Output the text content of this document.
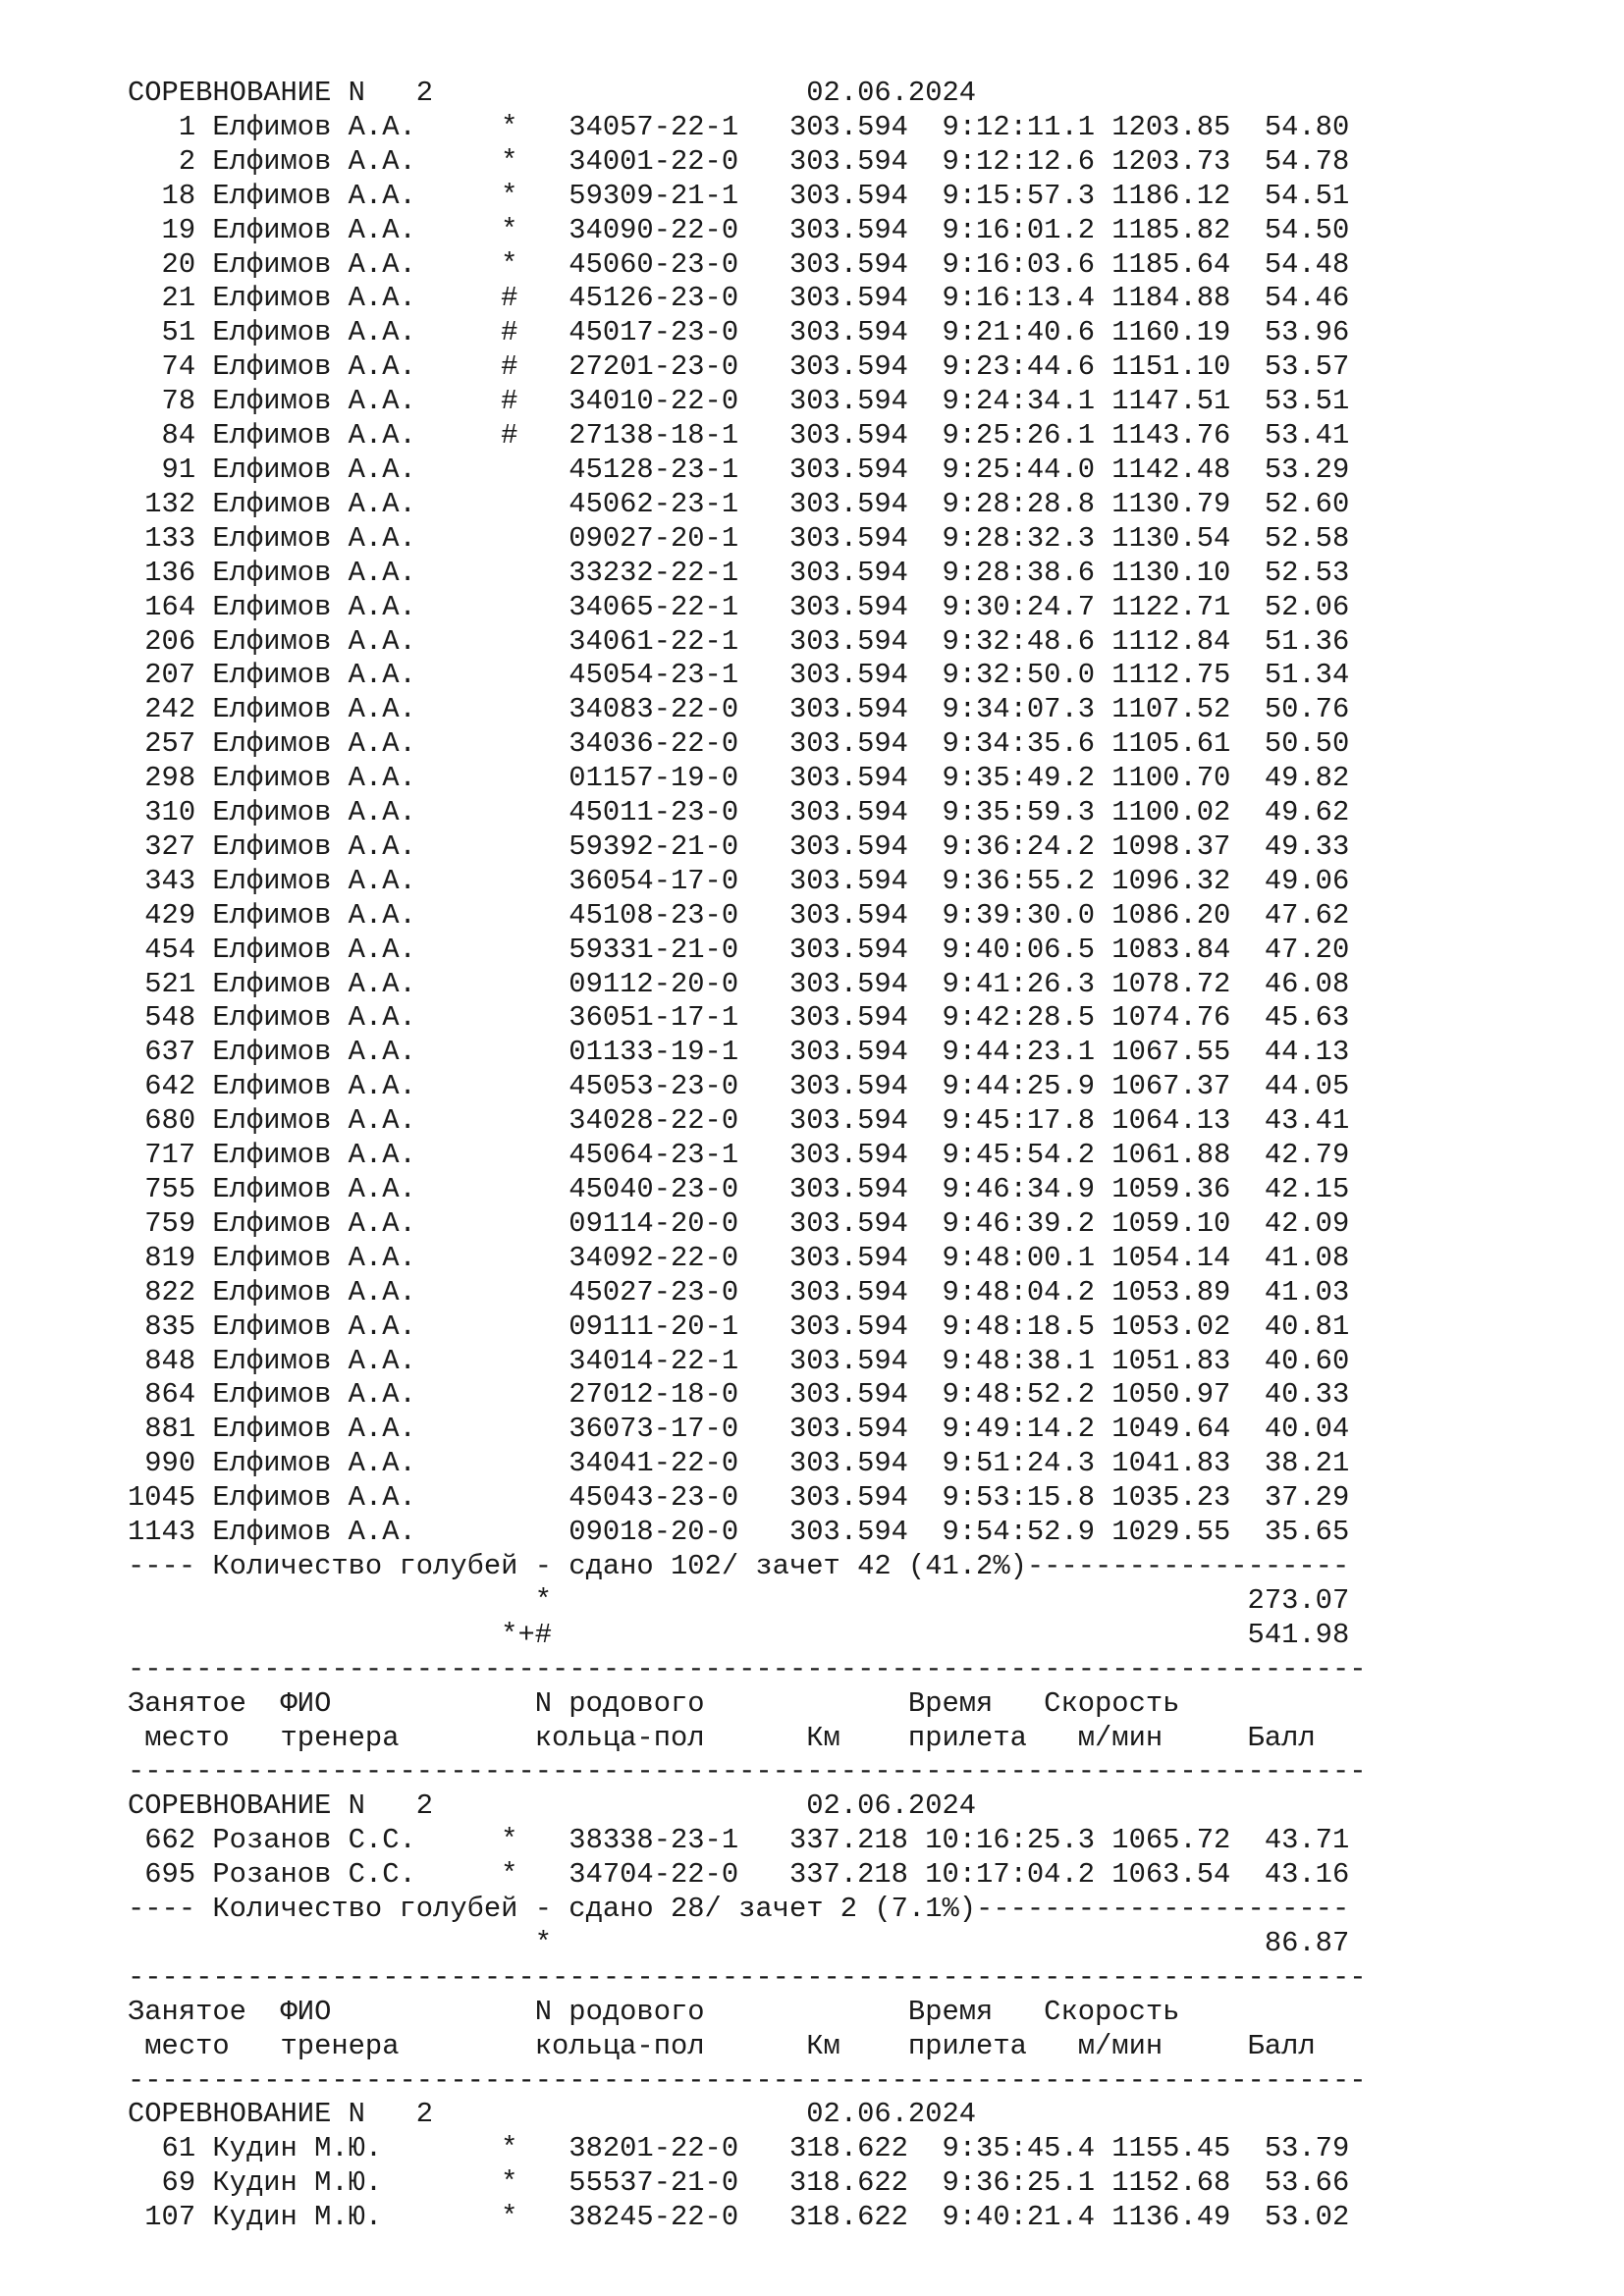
СОРЕВНОВАНИЕ N   2                      02.06.2024
1 Елфимов А.А.     *   34057-22-1   303.594  9:12:11.1 1203.85  54.80
2 Елфимов А.А.     *   34001-22-0   303.594  9:12:12.6 1203.73  54.78
18 Елфимов А.А.     *   59309-21-1   303.594  9:15:57.3 1186.12  54.51
19 Елфимов А.А.     *   34090-22-0   303.594  9:16:01.2 1185.82  54.50
20 Елфимов А.А.     *   45060-23-0   303.594  9:16:03.6 1185.64  54.48
21 Елфимов А.А.     #   45126-23-0   303.594  9:16:13.4 1184.88  54.46
51 Елфимов А.А.     #   45017-23-0   303.594  9:21:40.6 1160.19  53.96
74 Елфимов А.А.     #   27201-23-0   303.594  9:23:44.6 1151.10  53.57
78 Елфимов А.А.     #   34010-22-0   303.594  9:24:34.1 1147.51  53.51
84 Елфимов А.А.     #   27138-18-1   303.594  9:25:26.1 1143.76  53.41
91 Елфимов А.А.         45128-23-1   303.594  9:25:44.0 1142.48  53.29
132 Елфимов А.А.         45062-23-1   303.594  9:28:28.8 1130.79  52.60
133 Елфимов А.А.         09027-20-1   303.594  9:28:32.3 1130.54  52.58
136 Елфимов А.А.         33232-22-1   303.594  9:28:38.6 1130.10  52.53
164 Елфимов А.А.         34065-22-1   303.594  9:30:24.7 1122.71  52.06
206 Елфимов А.А.         34061-22-1   303.594  9:32:48.6 1112.84  51.36
207 Елфимов А.А.         45054-23-1   303.594  9:32:50.0 1112.75  51.34
242 Елфимов А.А.         34083-22-0   303.594  9:34:07.3 1107.52  50.76
257 Елфимов А.А.         34036-22-0   303.594  9:34:35.6 1105.61  50.50
298 Елфимов А.А.         01157-19-0   303.594  9:35:49.2 1100.70  49.82
310 Елфимов А.А.         45011-23-0   303.594  9:35:59.3 1100.02  49.62
327 Елфимов А.А.         59392-21-0   303.594  9:36:24.2 1098.37  49.33
343 Елфимов А.А.         36054-17-0   303.594  9:36:55.2 1096.32  49.06
429 Елфимов А.А.         45108-23-0   303.594  9:39:30.0 1086.20  47.62
454 Елфимов А.А.         59331-21-0   303.594  9:40:06.5 1083.84  47.20
521 Елфимов А.А.         09112-20-0   303.594  9:41:26.3 1078.72  46.08
548 Елфимов А.А.         36051-17-1   303.594  9:42:28.5 1074.76  45.63
637 Елфимов А.А.         01133-19-1   303.594  9:44:23.1 1067.55  44.13
642 Елфимов А.А.         45053-23-0   303.594  9:44:25.9 1067.37  44.05
680 Елфимов А.А.         34028-22-0   303.594  9:45:17.8 1064.13  43.41
717 Елфимов А.А.         45064-23-1   303.594  9:45:54.2 1061.88  42.79
755 Елфимов А.А.         45040-23-0   303.594  9:46:34.9 1059.36  42.15
759 Елфимов А.А.         09114-20-0   303.594  9:46:39.2 1059.10  42.09
819 Елфимов А.А.         34092-22-0   303.594  9:48:00.1 1054.14  41.08
822 Елфимов А.А.         45027-23-0   303.594  9:48:04.2 1053.89  41.03
835 Елфимов А.А.         09111-20-1   303.594  9:48:18.5 1053.02  40.81
848 Елфимов А.А.         34014-22-1   303.594  9:48:38.1 1051.83  40.60
864 Елфимов А.А.         27012-18-0   303.594  9:48:52.2 1050.97  40.33
881 Елфимов А.А.         36073-17-0   303.594  9:49:14.2 1049.64  40.04
990 Елфимов А.А.         34041-22-0   303.594  9:51:24.3 1041.83  38.21
1045 Елфимов А.А.         45043-23-0   303.594  9:53:15.8 1035.23  37.29
1143 Елфимов А.А.         09018-20-0   303.594  9:54:52.9 1029.55  35.65
---- Количество голубей - сдано 102/ зачет 42 (41.2%)-------------------
*                                         273.07
*+#                                         541.98
-------------------------------------------------------------------------
Занятое  ФИО            N родового            Время   Скорость
место   тренера        кольца-пол      Км    прилета   м/мин     Балл
-------------------------------------------------------------------------
СОРЕВНОВАНИЕ N   2                      02.06.2024
662 Розанов С.С.     *   38338-23-1   337.218 10:16:25.3 1065.72  43.71
695 Розанов С.С.     *   34704-22-0   337.218 10:17:04.2 1063.54  43.16
---- Количество голубей - сдано 28/ зачет 2 (7.1%)----------------------
*                                          86.87
-------------------------------------------------------------------------
Занятое  ФИО            N родового            Время   Скорость
место   тренера        кольца-пол      Км    прилета   м/мин     Балл
-------------------------------------------------------------------------
СОРЕВНОВАНИЕ N   2                      02.06.2024
61 Кудин М.Ю.       *   38201-22-0   318.622  9:35:45.4 1155.45  53.79
69 Кудин М.Ю.       *   55537-21-0   318.622  9:36:25.1 1152.68  53.66
107 Кудин М.Ю.       *   38245-22-0   318.622  9:40:21.4 1136.49  53.02
